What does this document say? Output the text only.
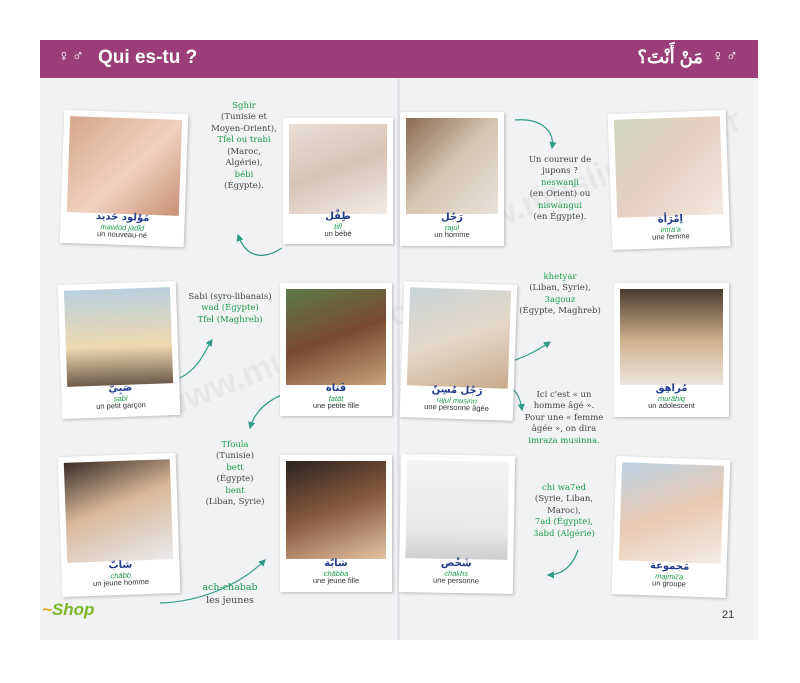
♀♂ Qui es-tu ?	مَنْ أَنْتَ؟ ♀♂
مَوْلود جَديد
mawlūd jadīd
un nouveau-né
طِفْل
ṭifl
un bébé
رَجُل
rajul
un homme
اِمْرَأة
imra'a
une femme
صَبِيّ
ṣabī
un petit garçon
فَتاة
fatāt
une petite fille
رَجُل مُسِنّ
rajul musinn
une personne âgée
مُراهِق
murāhiq
un adolescent
شابّ
chābb
un jeune homme
شابّة
chābba
une jeune fille
شَخْص
chakhs
une personne
مَجموعة
majmū'a
un groupe
Sghir
(Tunisie et
Moyen-Orient),
Tfel ou trabi
(Maroc,
Algérie),
bébi
(Égypte).
Un coureur de
jupons ?
neswanji
(en Orient) ou
niswangui
(en Égypte).
Sabi (syro-libanais)
wad (Égypte)
Tfel (Maghreb)
khetyar
(Liban, Syrie),
3agouz
(Égypte, Maghreb)
Ici c'est « un
homme âgé ».
Pour une « femme
âgée », on dira
imraza musinna.
Tfoula
(Tunisie)
bett
(Égypte)
bent
(Liban, Syrie)
chi wa7ed
(Syrie, Liban,
Maroc),
7ad (Égypte),
3abd (Algérie)
ach-chabab
les jeunes
~Shop	21
